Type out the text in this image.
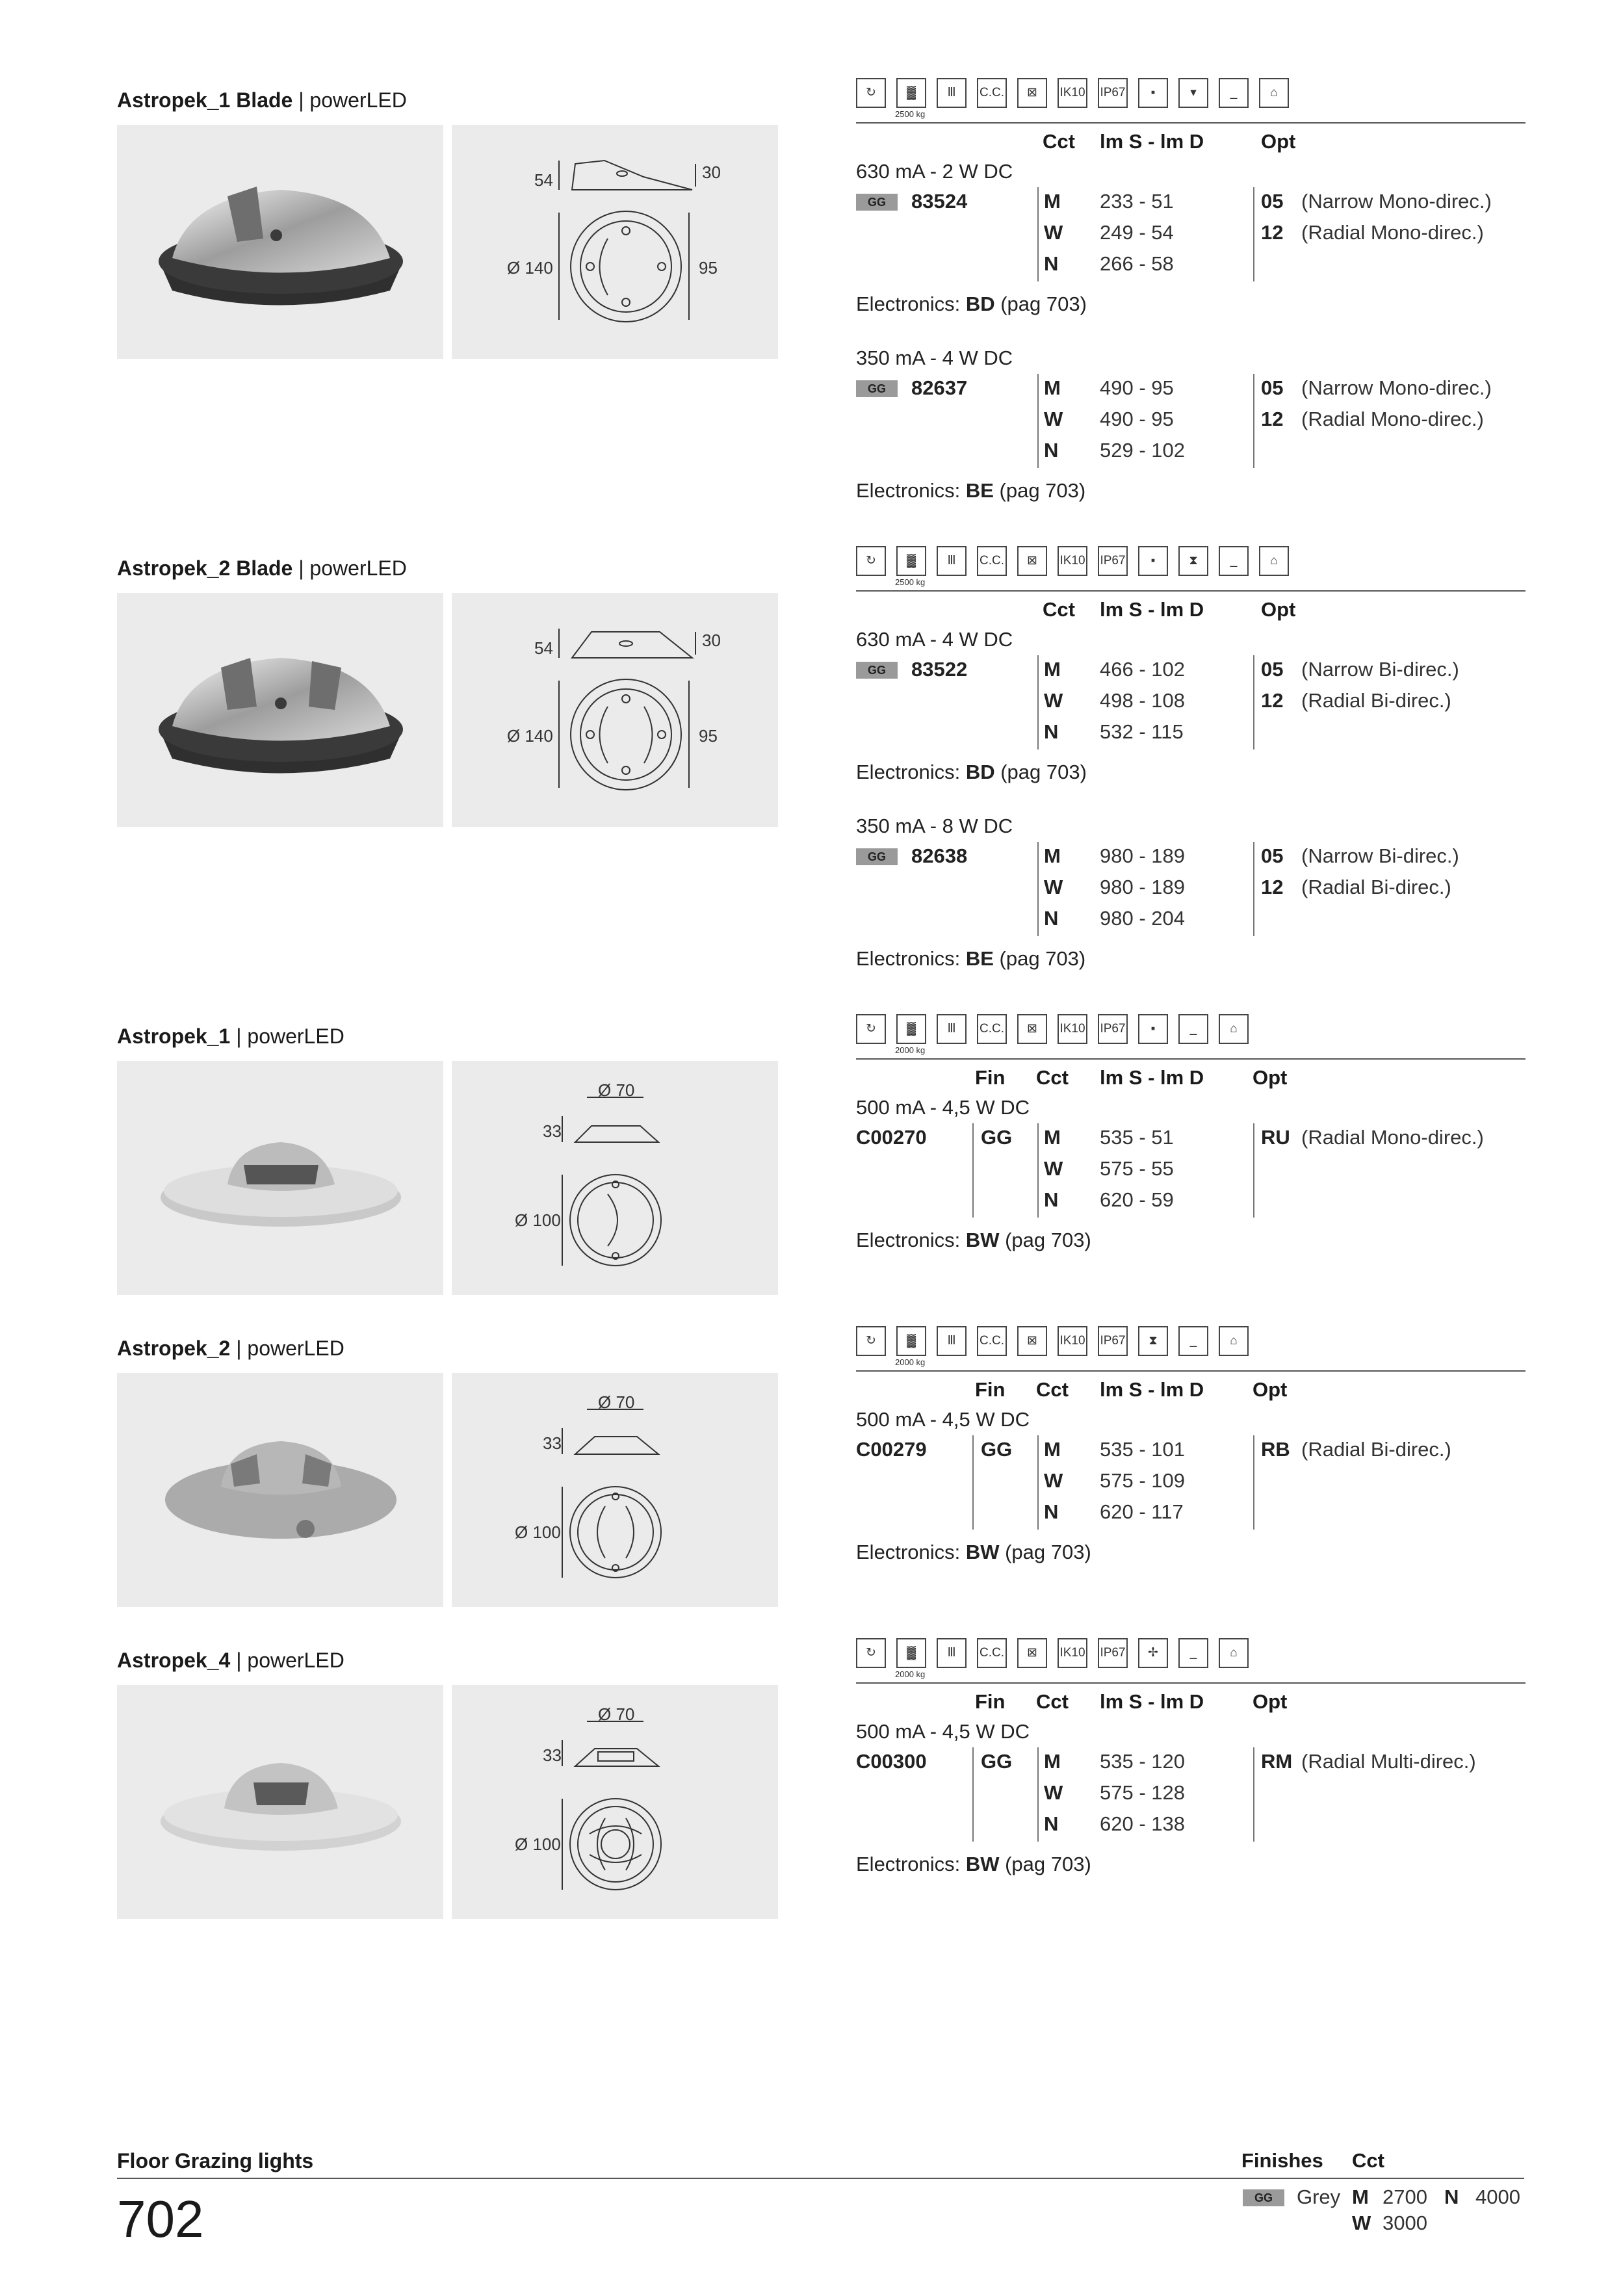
Astropek_1 Blade | powerLED
54	30
Ø 140	95
↻	▓	Ⅲ	C.C.	⊠	IK10 IP67	▪	▾	_	⌂
2500 kg
Cct lm S - lm D	Opt
630 mA - 2 W DC
GG	83524	M 233 - 51	05 (Narrow Mono-direc.)
W 249 - 54	12 (Radial Mono-direc.)
N 266 - 58
Electronics: BD (pag 703)
350 mA - 4 W DC
GG	82637	M 490 - 95	05 (Narrow Mono-direc.)
W 490 - 95	12 (Radial Mono-direc.)
N 529 - 102
Electronics: BE (pag 703)
Astropek_2 Blade | powerLED
54	30
Ø 140	95
↻	▓	Ⅲ	C.C.	⊠	IK10 IP67	▪	⧗	_	⌂
2500 kg
Cct lm S - lm D	Opt
630 mA - 4 W DC
GG	83522	M 466 - 102	05 (Narrow Bi-direc.)
W 498 - 108	12 (Radial Bi-direc.)
N 532 - 115
Electronics: BD (pag 703)
350 mA - 8 W DC
GG	82638	M 980 - 189	05 (Narrow Bi-direc.)
W 980 - 189	12 (Radial Bi-direc.)
N 980 - 204
Electronics: BE (pag 703)
Astropek_1 | powerLED
Ø 70
33
Ø 100
↻	▓	Ⅲ	C.C.	⊠	IK10 IP67	▪	_	⌂
2000 kg
Fin Cct lm S - lm D Opt
500 mA - 4,5 W DC
C00270	GG M 535 - 51	RU (Radial Mono-direc.)
W 575 - 55
N 620 - 59
Electronics: BW (pag 703)
Astropek_2 | powerLED
Ø 70
33
Ø 100
↻	▓	Ⅲ	C.C.	⊠	IK10 IP67	⧗	_	⌂
2000 kg
Fin Cct lm S - lm D Opt
500 mA - 4,5 W DC
C00279	GG M 535 - 101	RB (Radial Bi-direc.)
W 575 - 109
N 620 - 117
Electronics: BW (pag 703)
Astropek_4 | powerLED
Ø 70
33
Ø 100
↻	▓	Ⅲ	C.C.	⊠	IK10 IP67	✢	_	⌂
2000 kg
Fin Cct lm S - lm D Opt
500 mA - 4,5 W DC
C00300	GG M 535 - 120	RM (Radial Multi-direc.)
W 575 - 128
N 620 - 138
Electronics: BW (pag 703)
Floor Grazing lights
702
Finishes Cct
GG	Grey M 2700 N 4000
W 3000
